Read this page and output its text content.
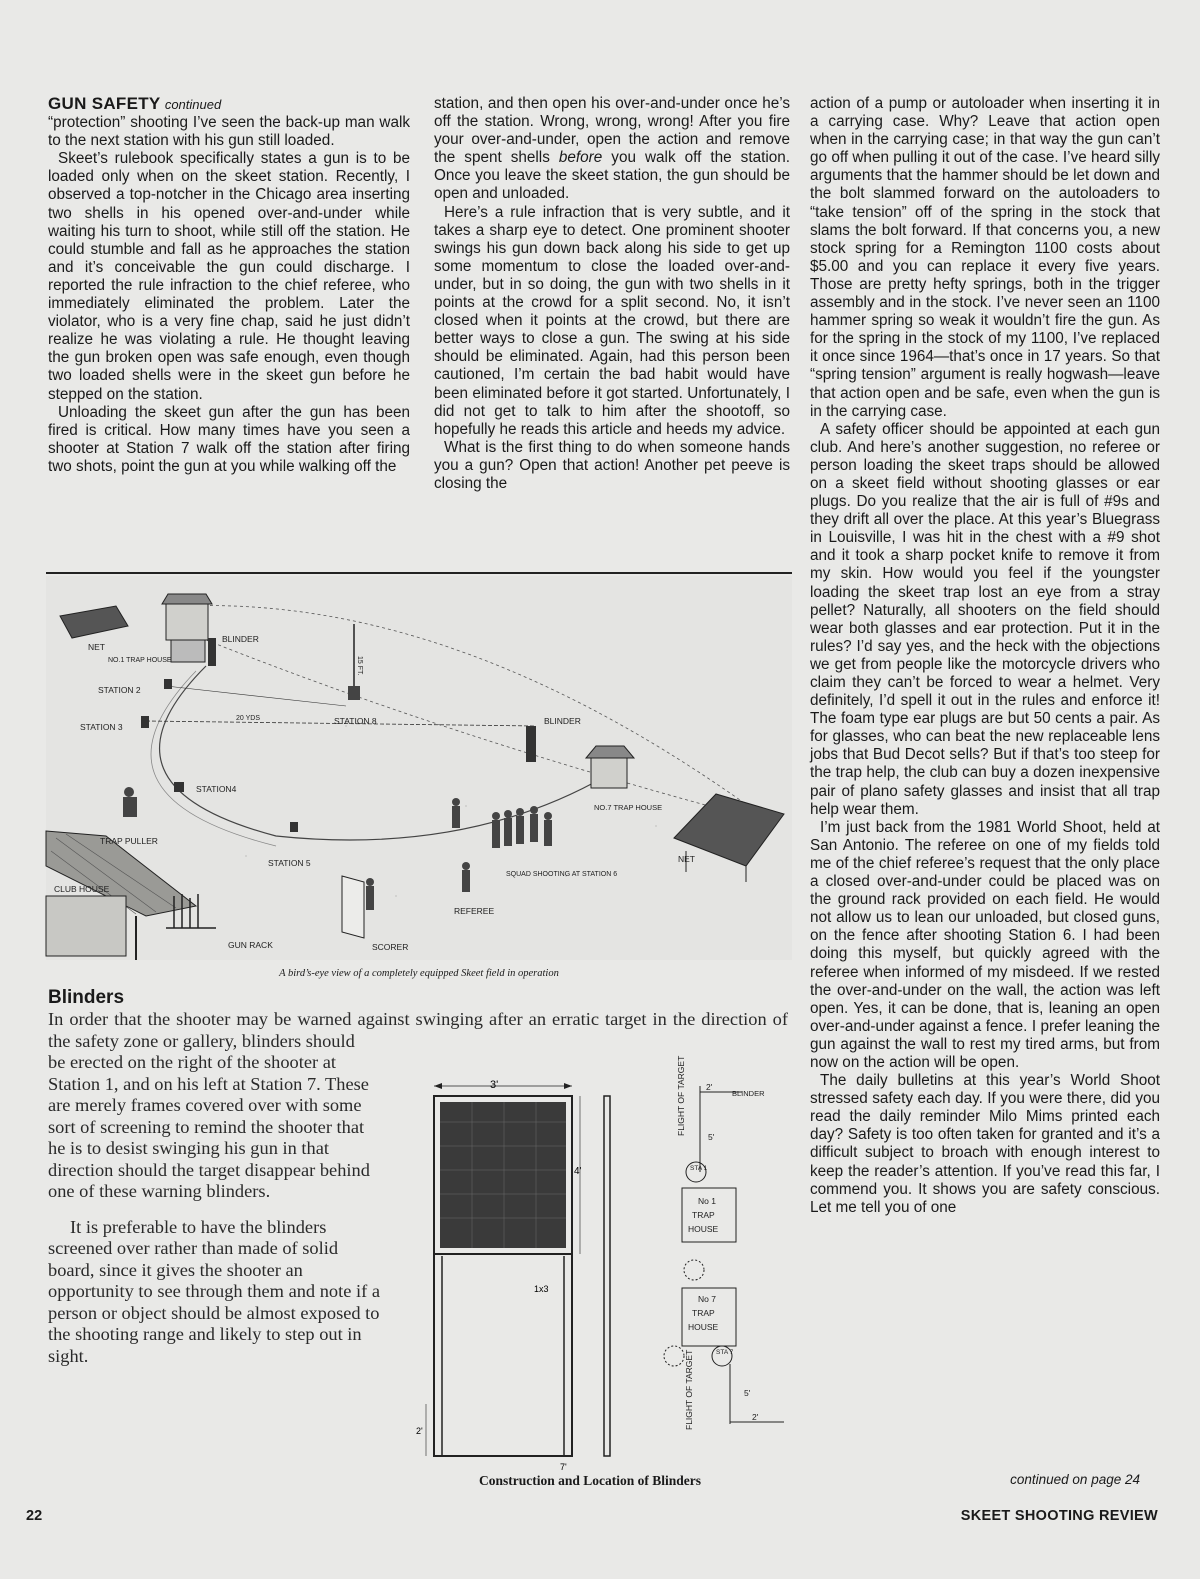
GUN SAFETY continued

“protection” shooting I’ve seen the back-up man walk to the next station with his gun still loaded.

Skeet’s rulebook specifically states a gun is to be loaded only when on the skeet station. Recently, I observed a top-notcher in the Chicago area inserting two shells in his opened over-and-under while waiting his turn to shoot, while still off the station. He could stumble and fall as he approaches the station and it’s conceivable the gun could discharge. I reported the rule infraction to the chief referee, who immediately eliminated the problem. Later the violator, who is a very fine chap, said he just didn’t realize he was violating a rule. He thought leaving the gun broken open was safe enough, even though two loaded shells were in the skeet gun before he stepped on the station.

Unloading the skeet gun after the gun has been fired is critical. How many times have you seen a shooter at Station 7 walk off the station after firing two shots, point the gun at you while walking off the

station, and then open his over-and-under once he’s off the station. Wrong, wrong, wrong! After you fire your over-and-under, open the action and remove the spent shells before you walk off the station. Once you leave the skeet station, the gun should be open and unloaded.

Here’s a rule infraction that is very subtle, and it takes a sharp eye to detect. One prominent shooter swings his gun down back along his side to get up some momentum to close the loaded over-and-under, but in so doing, the gun with two shells in it points at the crowd for a split second. No, it isn’t closed when it points at the crowd, but there are better ways to close a gun. The swing at his side should be eliminated. Again, had this person been cautioned, I’m certain the bad habit would have been eliminated before it got started. Unfortunately, I did not get to talk to him after the shootoff, so hopefully he reads this article and heeds my advice.

What is the first thing to do when someone hands you a gun? Open that action! Another pet peeve is closing the

action of a pump or autoloader when inserting it in a carrying case. Why? Leave that action open when in the carrying case; in that way the gun can’t go off when pulling it out of the case. I’ve heard silly arguments that the hammer should be let down and the bolt slammed forward on the autoloaders to “take tension” off of the spring in the stock that slams the bolt forward. If that concerns you, a new stock spring for a Remington 1100 costs about $5.00 and you can replace it every five years. Those are pretty hefty springs, both in the trigger assembly and in the stock. I’ve never seen an 1100 hammer spring so weak it wouldn’t fire the gun. As for the spring in the stock of my 1100, I’ve replaced it once since 1964—that’s once in 17 years. So that “spring tension” argument is really hogwash—leave that action open and be safe, even when the gun is in the carrying case.

A safety officer should be appointed at each gun club. And here’s another suggestion, no referee or person loading the skeet traps should be allowed on a skeet field without shooting glasses or ear plugs. Do you realize that the air is full of #9s and they drift all over the place. At this year’s Bluegrass in Louisville, I was hit in the chest with a #9 shot and it took a sharp pocket knife to remove it from my skin. How would you feel if the youngster loading the skeet trap lost an eye from a stray pellet? Naturally, all shooters on the field should wear both glasses and ear protection. Put it in the rules? I’d say yes, and the heck with the objections we get from people like the motorcycle drivers who claim they can’t be forced to wear a helmet. Very definitely, I’d spell it out in the rules and enforce it! The foam type ear plugs are but 50 cents a pair. As for glasses, who can beat the new replaceable lens jobs that Bud Decot sells? But if that’s too steep for the trap help, the club can buy a dozen inexpensive pair of plano safety glasses and insist that all trap help wear them.

I’m just back from the 1981 World Shoot, held at San Antonio. The referee on one of my fields told me of the chief referee’s request that the only place a closed over-and-under could be placed was on the ground rack provided on each field. He would not allow us to lean our unloaded, but closed guns, on the fence after shooting Station 6. I had been doing this myself, but quickly agreed with the referee when informed of my misdeed. If we rested the over-and-under on the wall, the action was left open. Yes, it can be done, that is, leaning an open over-and-under against a fence. I prefer leaning the gun against the wall to rest my tired arms, but from now on the action will be open.

The daily bulletins at this year’s World Shoot stressed safety each day. If you were there, did you read the daily reminder Milo Mims printed each day? Safety is too often taken for granted and it’s a difficult subject to broach with enough interest to keep the reader’s attention. If you’ve read this far, I commend you. It shows you are safety conscious. Let me tell you of one

NET
NO.1 TRAP HOUSE
BLINDER
15 FT.
STATION 2
STATION 3
20 YDS	STATION 8	BLINDER
STATION4
NO.7 TRAP HOUSE
NET
TRAP PULLER
STATION 5
CLUB HOUSE
SQUAD SHOOTING AT STATION 6
REFEREE
GUN RACK	SCORER
A bird’s-eye view of a completely equipped Skeet field in operation
Blinders
In order that the shooter may be warned against swinging after an erratic target in the direction of the safety zone or gallery, blinders should

be erected on the right of the shooter at Station 1, and on his left at Station 7. These are merely frames covered over with some sort of screening to remind the shooter that he is to desist swinging his gun in that direction should the target disappear behind one of these warning blinders.

It is preferable to have the blinders screened over rather than made of solid board, since it gives the shooter an opportunity to see through them and note if a person or object should be almost exposed to the shooting range and likely to step out in sight.

3'
4'
1x3
2'
7'
FLIGHT OF TARGET	BLINDER
2'
5'
STA 1
No 1
TRAP
HOUSE
No 7
TRAP
HOUSE
STA 7
FLIGHT OF TARGET	5'
2'
Construction and Location of Blinders	continued on page 24
22	SKEET SHOOTING REVIEW
